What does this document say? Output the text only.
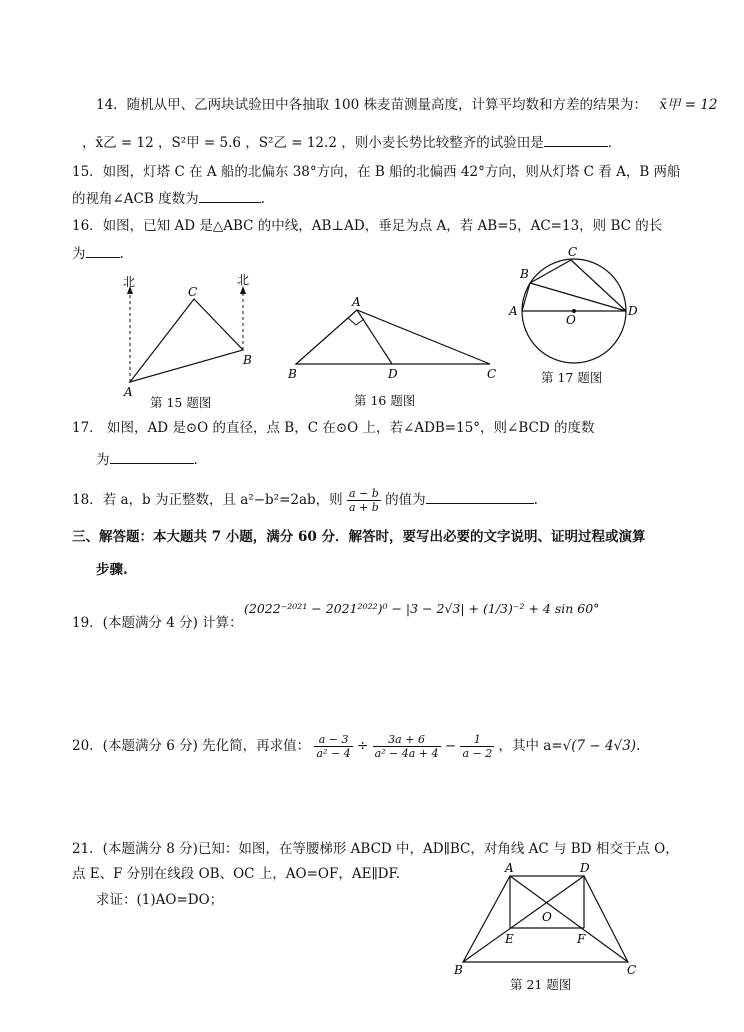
14．随机从甲、乙两块试验田中各抽取 100 株麦苗测量高度，计算平均数和方差的结果为： x̄甲 = 12
，x̄乙 = 12 ，S²甲 = 5.6 ，S²乙 = 12.2 ，则小麦长势比较整齐的试验田是	．
15．如图，灯塔 C 在 A 船的北偏东 38°方向，在 B 船的北偏西 42°方向，则从灯塔 C 看 A，B 两船
的视角∠ACB 度数为	.
16．如图，已知 AD 是△ABC 的中线，AB⊥AD，垂足为点 A，若 AB=5，AC=13，则 BC 的长
为	.
北	北
C
A
B
第 15 题图
A
B	D	C
第 16 题图
C
B
A	D
O
第 17 题图
17． 如图，AD 是⊙O 的直径，点 B，C 在⊙O 上，若∠ADB=15°，则∠BCD 的度数
为	.
18．若 a，b 为正整数，且 a²−b²=2ab，则 $\frac{a - b}{a + b}$ 的值为	.
三、解答题：本大题共 7 小题，满分 60 分．解答时，要写出必要的文字说明、证明过程或演算
步骤.
19．(本题满分 4 分) 计算：
(2022⁻²⁰²¹ − 2021²⁰²²)⁰ − |3 − 2√3| + (1/3)⁻² + 4 sin 60°
20．(本题满分 6 分) 先化简，再求值： $\frac{a - 3}{\text{a² − 4}} \div \frac{3a + 6}{\text{a² − 4a + 4}} - \frac{1}{a - 2}$ ，其中 a=√(7 − 4√3).
21．(本题满分 8 分)已知：如图，在等腰梯形 ABCD 中，AD∥BC，对角线 AC 与 BD 相交于点 O，
点 E、F 分别在线段 OB、OC 上，AO=OF，AE∥DF.
求证：(1)AO=DO；
A	D
B	C
E	F
O
第 21 题图
